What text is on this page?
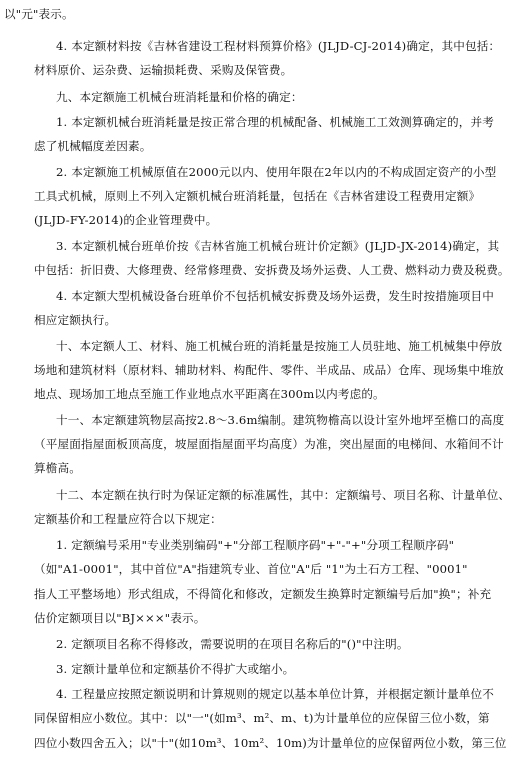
以"元"表示。
4. 本定额材料按《吉林省建设工程材料预算价格》(JLJD-CJ-2014)确定，其中包括：
材料原价、运杂费、运输损耗费、采购及保管费。
九、本定额施工机械台班消耗量和价格的确定：
1. 本定额机械台班消耗量是按正常合理的机械配备、机械施工工效测算确定的，并考
虑了机械幅度差因素。
2. 本定额施工机械原值在2000元以内、使用年限在2年以内的不构成固定资产的小型
工具式机械，原则上不列入定额机械台班消耗量，包括在《吉林省建设工程费用定额》
(JLJD-FY-2014)的企业管理费中。
3. 本定额机械台班单价按《吉林省施工机械台班计价定额》(JLJD-JX-2014)确定，其
中包括：折旧费、大修理费、经常修理费、安拆费及场外运费、人工费、燃料动力费及税费。
4. 本定额大型机械设备台班单价不包括机械安拆费及场外运费，发生时按措施项目中
相应定额执行。
十、本定额人工、材料、施工机械台班的消耗量是按施工人员驻地、施工机械集中停放
场地和建筑材料（原材料、辅助材料、构配件、零件、半成品、成品）仓库、现场集中堆放
地点、现场加工地点至施工作业地点水平距离在300m以内考虑的。
十一、本定额建筑物层高按2.8～3.6m编制。建筑物檐高以设计室外地坪至檐口的高度
（平屋面指屋面板顶高度，坡屋面指屋面平均高度）为准，突出屋面的电梯间、水箱间不计
算檐高。
十二、本定额在执行时为保证定额的标准属性，其中：定额编号、项目名称、计量单位、
定额基价和工程量应符合以下规定：
1. 定额编号采用"专业类别编码"+"分部工程顺序码"+"-"+"分项工程顺序码"
（如"A1-0001"，其中首位"A"指建筑专业、首位"A"后 "1"为土石方工程、"0001"
指人工平整场地）形式组成，不得简化和修改，定额发生换算时定额编号后加"换"；补充
估价定额项目以"BJ×××"表示。
2. 定额项目名称不得修改，需要说明的在项目名称后的"()"中注明。
3. 定额计量单位和定额基价不得扩大或缩小。
4. 工程量应按照定额说明和计算规则的规定以基本单位计算，并根据定额计量单位不
同保留相应小数位。其中：以"一"(如m³、m²、m、t)为计量单位的应保留三位小数，第
四位小数四舍五入；以"十"(如10m³、10m²、10m)为计量单位的应保留两位小数，第三位
